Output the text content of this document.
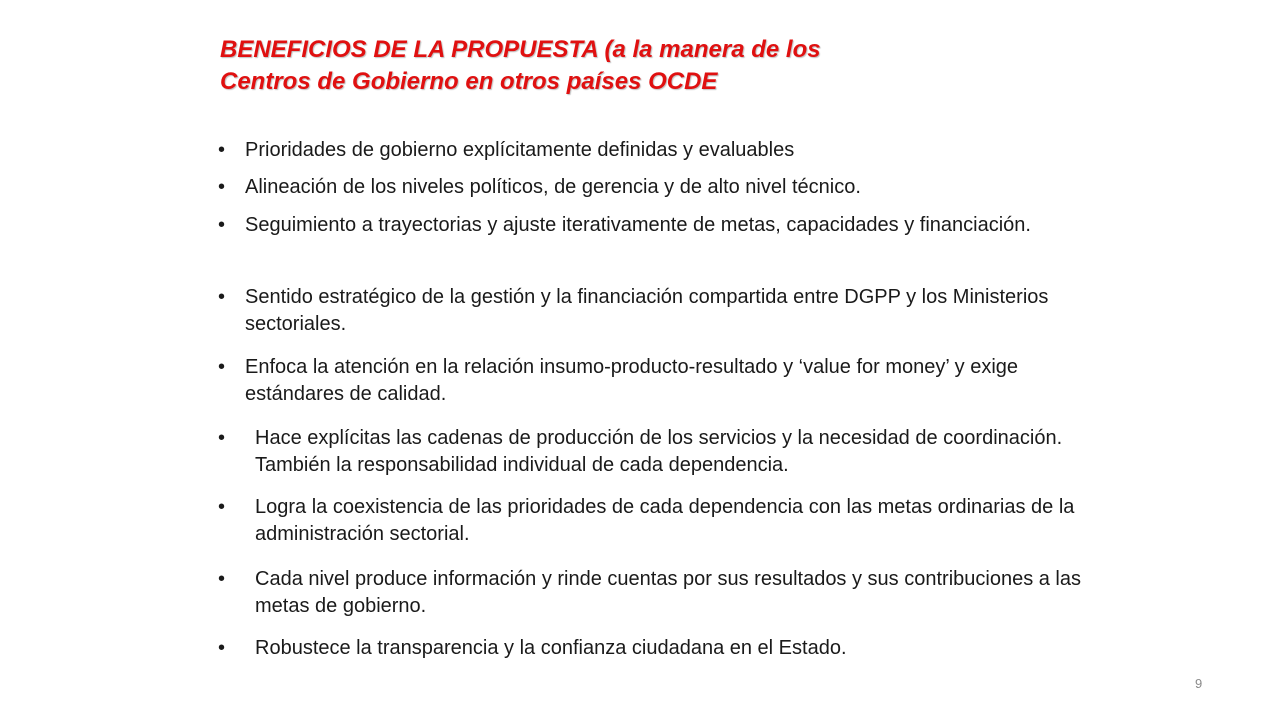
BENEFICIOS DE LA PROPUESTA (a la manera de los
Centros de Gobierno en otros países OCDE
• Prioridades de gobierno explícitamente definidas y evaluables
• Alineación de los niveles políticos, de gerencia y de alto nivel técnico.
• Seguimiento a trayectorias y ajuste iterativamente de metas, capacidades y financiación.
• Sentido estratégico de la gestión y la financiación compartida entre DGPP y los Ministerios sectoriales.
• Enfoca la atención en la relación insumo-producto-resultado y ‘value for money’ y exige estándares de calidad.
• Hace explícitas las cadenas de producción de los servicios y la necesidad de coordinación. También la responsabilidad individual de cada dependencia.
• Logra la coexistencia de las prioridades de cada dependencia con las metas ordinarias de la administración sectorial.
• Cada nivel produce información y rinde cuentas por sus resultados y sus contribuciones a las metas de gobierno.
• Robustece la transparencia y la confianza ciudadana en el Estado.
9
